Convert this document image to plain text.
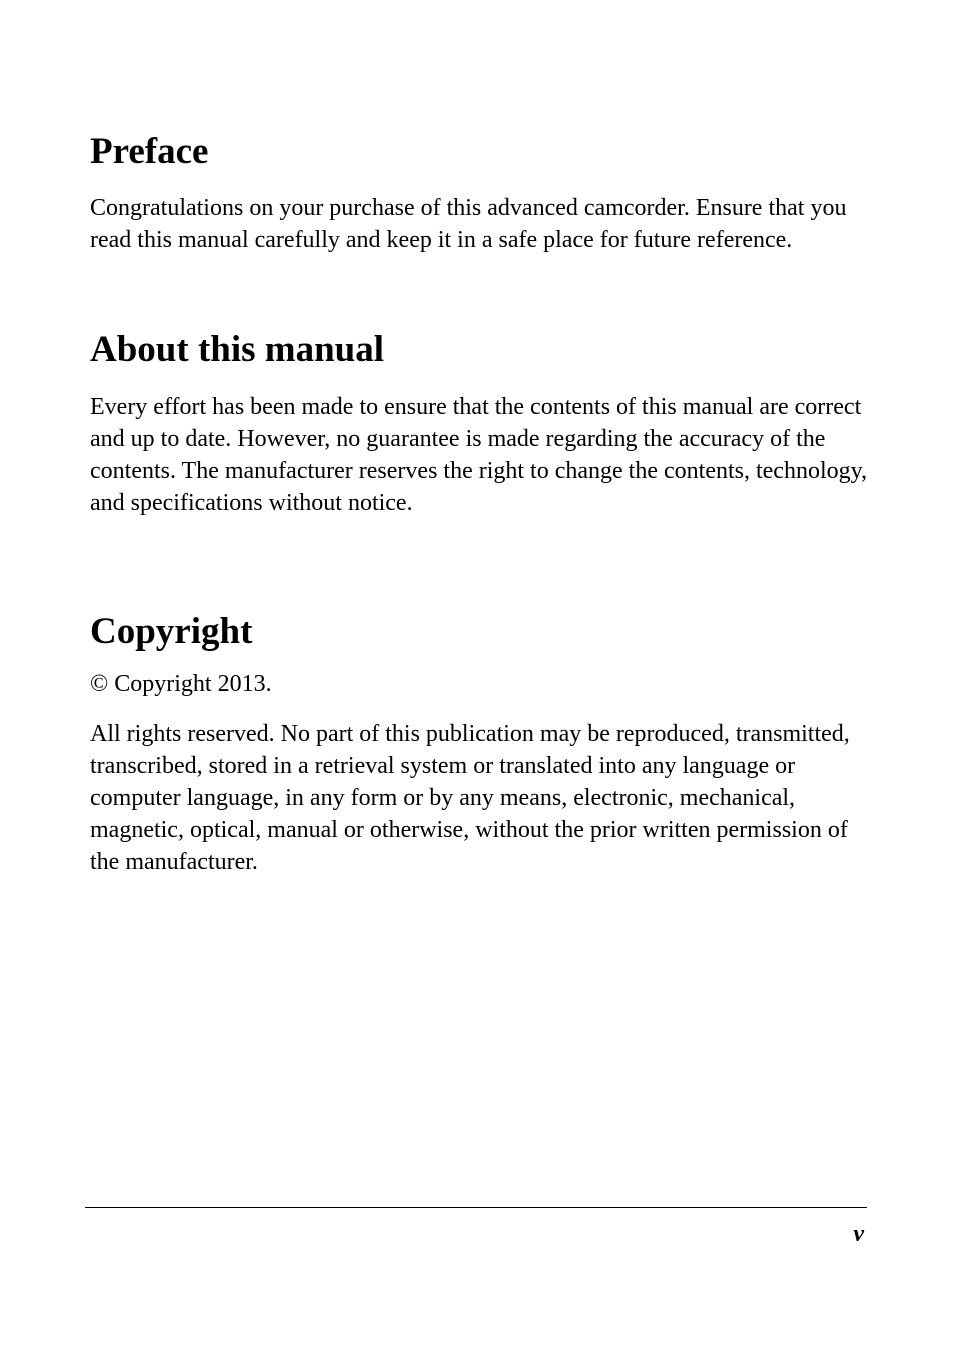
Preface

Congratulations on your purchase of this advanced camcorder. Ensure that you read this manual carefully and keep it in a safe place for future reference.

About this manual

Every effort has been made to ensure that the contents of this manual are correct and up to date. However, no guarantee is made regarding the accuracy of the contents. The manufacturer reserves the right to change the contents, technology, and specifications without notice.

Copyright

© Copyright 2013.

All rights reserved. No part of this publication may be reproduced, transmitted, transcribed, stored in a retrieval system or translated into any language or computer language, in any form or by any means, electronic, mechanical, magnetic, optical, manual or otherwise, without the prior written permission of the manufacturer.

v
